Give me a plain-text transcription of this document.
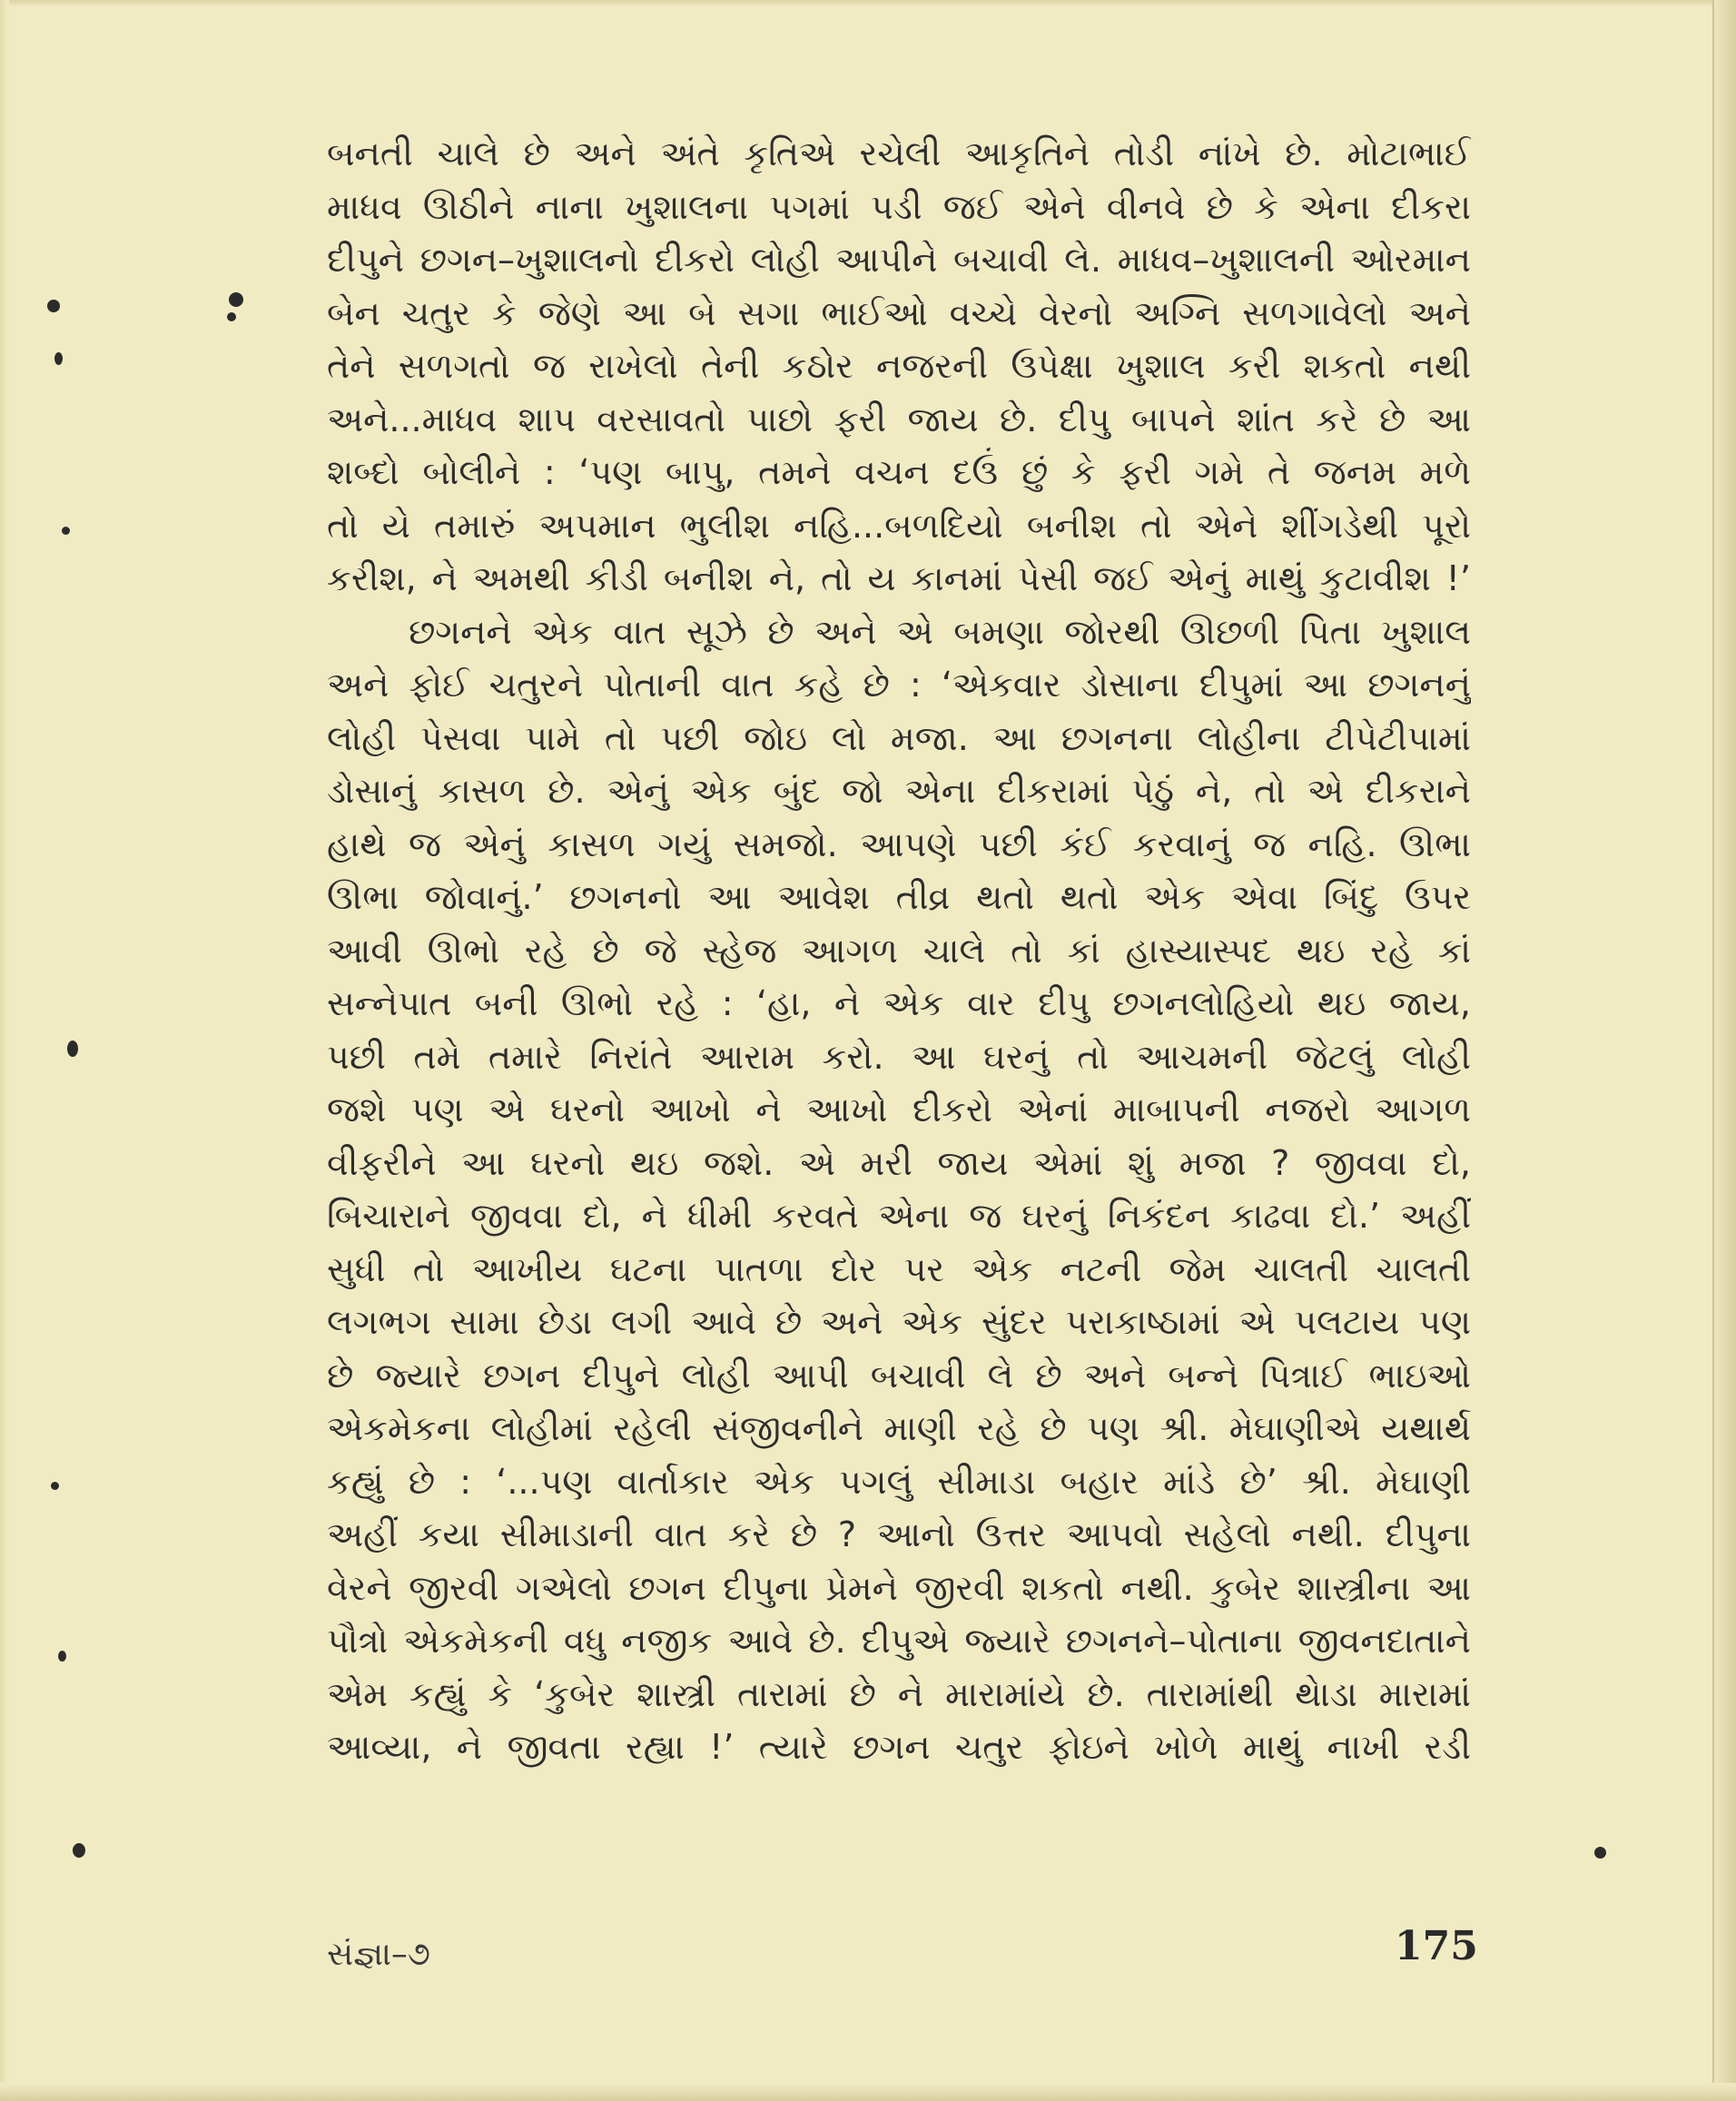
બનતી ચાલે છે અને અંતે કૃતિએ રચેલી આકૃતિને તોડી નાંખે છે. મોટાભાઈ
માધવ ઊઠીને નાના ખુશાલના પગમાં પડી જઈ એને વીનવે છે કે એના દીકરા
દીપુને છગન–ખુશાલનો દીકરો લોહી આપીને બચાવી લે. માધવ–ખુશાલની ઓરમાન
બેન ચતુર કે જેણે આ બે સગા ભાઈઓ વચ્ચે વેરનો અગ્નિ સળગાવેલો અને
તેને સળગતો જ રાખેલો તેની કઠોર નજરની ઉપેક્ષા ખુશાલ કરી શકતો નથી
અને...માધવ શાપ વરસાવતો પાછો ફરી જાય છે. દીપુ બાપને શાંત કરે છે આ
શબ્દો બોલીને : ‘પણ બાપુ, તમને વચન દઉં છું કે ફરી ગમે તે જનમ મળે
તો યે તમારું અપમાન ભુલીશ નહિ...બળદિયો બનીશ તો એને શીંગડેથી પૂરો
કરીશ, ને અમથી કીડી બનીશ ને, તો ય કાનમાં પેસી જઈ એનું માથું કુટાવીશ !’
છગનને એક વાત સૂઝે છે અને એ બમણા જોરથી ઊછળી પિતા ખુશાલ
અને ફોઈ ચતુરને પોતાની વાત કહે છે : ‘એકવાર ડોસાના દીપુમાં આ છગનનું
લોહી પેસવા પામે તો પછી જોઇ લો મજા. આ છગનના લોહીના ટીપેટીપામાં
ડોસાનું કાસળ છે. એનું એક બુંદ જો એના દીકરામાં પેઠું ને, તો એ દીકરાને
હાથે જ એનું કાસળ ગયું સમજો. આપણે પછી કંઈ કરવાનું જ નહિ. ઊભા
ઊભા જોવાનું.’ છગનનો આ આવેશ તીવ્ર થતો થતો એક એવા બિંદુ ઉપર
આવી ઊભો રહે છે જે સ્હેજ આગળ ચાલે તો કાં હાસ્યાસ્પદ થઇ રહે કાં
સન્નેપાત બની ઊભો રહે : ‘હા, ને એક વાર દીપુ છગનલોહિયો થઇ જાય,
પછી તમે તમારે નિરાંતે આરામ કરો. આ ઘરનું તો આચમની જેટલું લોહી
જશે પણ એ ઘરનો આખો ને આખો દીકરો એનાં માબાપની નજરો આગળ
વીફરીને આ ઘરનો થઇ જશે. એ મરી જાય એમાં શું મજા ? જીવવા દો,
બિચારાને જીવવા દો, ને ધીમી કરવતે એના જ ઘરનું નિકંદન કાઢવા દો.’ અહીં
સુધી તો આખીય ઘટના પાતળા દોર પર એક નટની જેમ ચાલતી ચાલતી
લગભગ સામા છેડા લગી આવે છે અને એક સુંદર પરાકાષ્ઠામાં એ પલટાય પણ
છે જ્યારે છગન દીપુને લોહી આપી બચાવી લે છે અને બન્ને પિત્રાઈ ભાઇઓ
એકમેકના લોહીમાં રહેલી સંજીવનીને માણી રહે છે પણ શ્રી. મેઘાણીએ યથાર્થ
કહ્યું છે : ‘...પણ વાર્તાકાર એક પગલું સીમાડા બહાર માંડે છે’ શ્રી. મેઘાણી
અહીં કયા સીમાડાની વાત કરે છે ? આનો ઉત્તર આપવો સહેલો નથી. દીપુના
વેરને જીરવી ગએલો છગન દીપુના પ્રેમને જીરવી શકતો નથી. કુબેર શાસ્ત્રીના આ
પૌત્રો એકમેકની વધુ નજીક આવે છે. દીપુએ જ્યારે છગનને–પોતાના જીવનદાતાને
એમ કહ્યું કે ‘કુબેર શાસ્ત્રી તારામાં છે ને મારામાંયે છે. તારામાંથી થેાડા મારામાં
આવ્યા, ને જીવતા રહ્યા !’ ત્યારે છગન ચતુર ફોઇને ખોળે માથું નાખી રડી
સંજ્ઞા–૭	175
